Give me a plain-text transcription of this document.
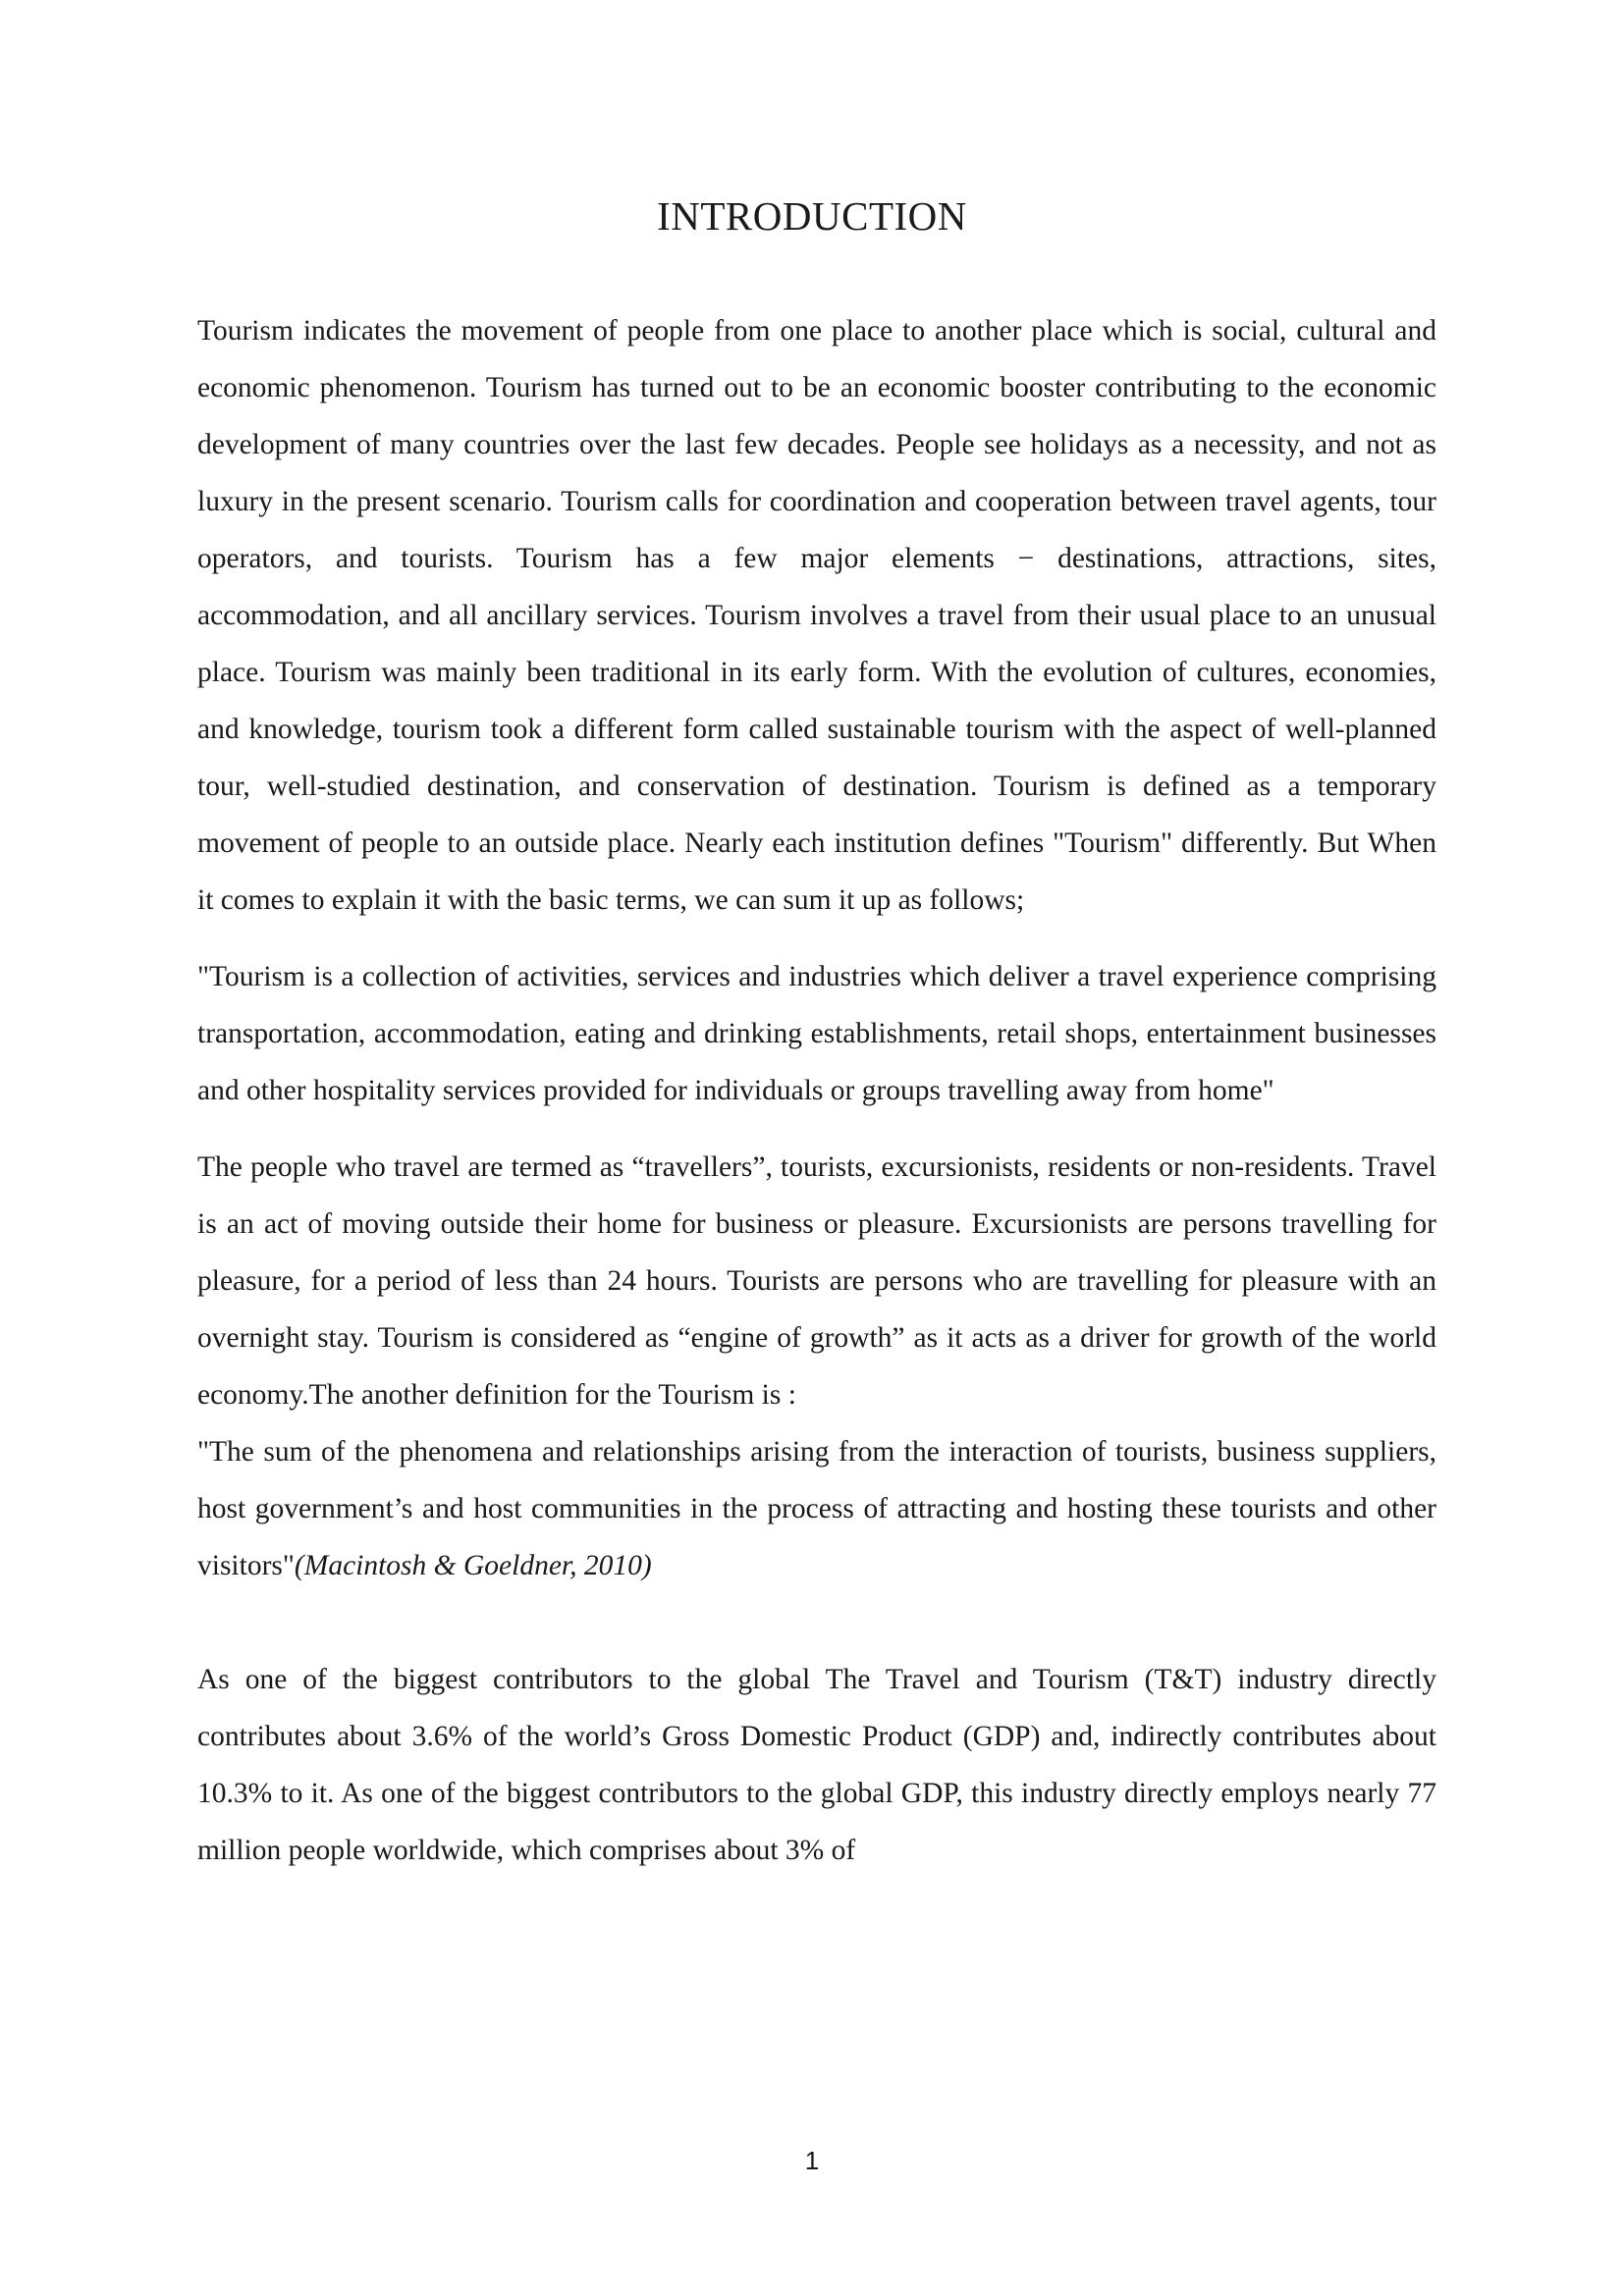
INTRODUCTION

Tourism indicates the movement of people from one place to another place which is social, cultural and economic phenomenon. Tourism has turned out to be an economic booster contributing to the economic development of many countries over the last few decades. People see holidays as a necessity, and not as luxury in the present scenario. Tourism calls for coordination and cooperation between travel agents, tour operators, and tourists. Tourism has a few major elements − destinations, attractions, sites, accommodation, and all ancillary services. Tourism involves a travel from their usual place to an unusual place. Tourism was mainly been traditional in its early form. With the evolution of cultures, economies, and knowledge, tourism took a different form called sustainable tourism with the aspect of well-planned tour, well-studied destination, and conservation of destination. Tourism is defined as a temporary movement of people to an outside place. Nearly each institution defines "Tourism" differently. But When it comes to explain it with the basic terms, we can sum it up as follows;

"Tourism is a collection of activities, services and industries which deliver a travel experience comprising transportation, accommodation, eating and drinking establishments, retail shops, entertainment businesses and other hospitality services provided for individuals or groups travelling away from home"

The people who travel are termed as “travellers”, tourists, excursionists, residents or non-residents. Travel is an act of moving outside their home for business or pleasure. Excursionists are persons travelling for pleasure, for a period of less than 24 hours. Tourists are persons who are travelling for pleasure with an overnight stay. Tourism is considered as “engine of growth” as it acts as a driver for growth of the world economy.The another definition for the Tourism is :

"The sum of the phenomena and relationships arising from the interaction of tourists, business suppliers, host government’s and host communities in the process of attracting and hosting these tourists and other visitors"(Macintosh & Goeldner, 2010)

As one of the biggest contributors to the global The Travel and Tourism (T&T) industry directly contributes about 3.6% of the world’s Gross Domestic Product (GDP) and, indirectly contributes about 10.3% to it. As one of the biggest contributors to the global GDP, this industry directly employs nearly 77 million people worldwide, which comprises about 3% of

1
